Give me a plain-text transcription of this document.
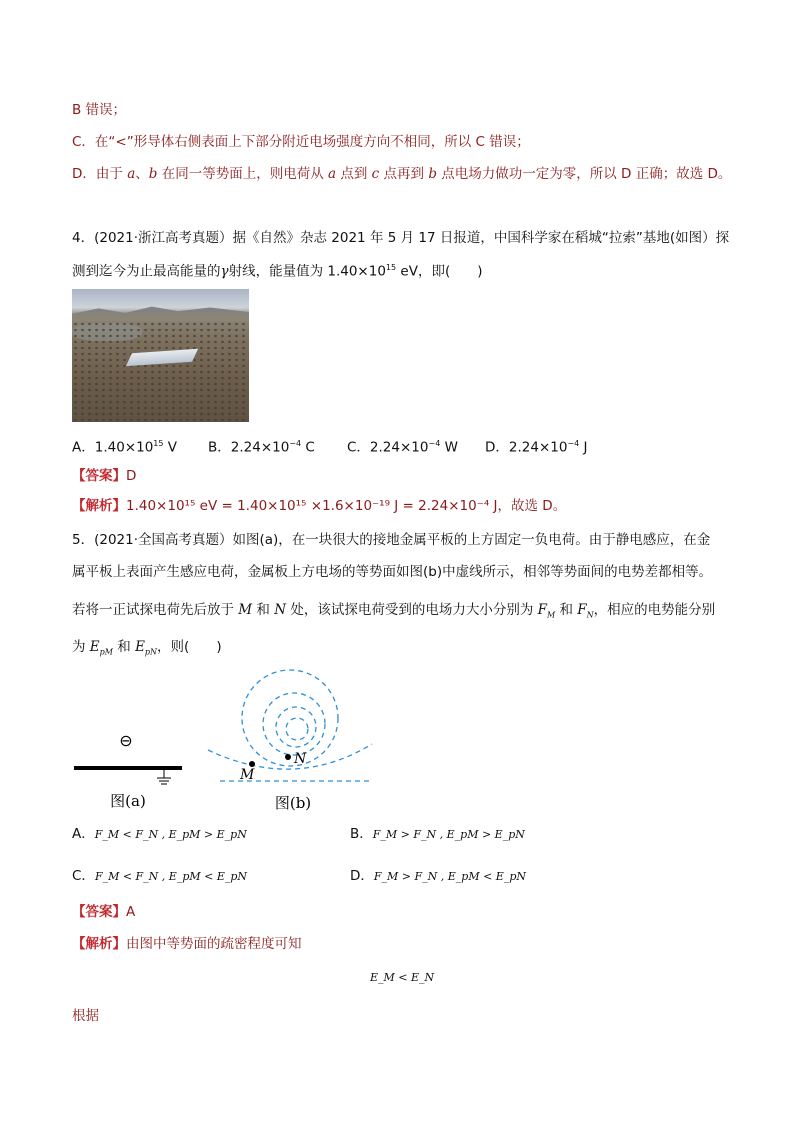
B 错误；
C．在“<”形导体右侧表面上下部分附近电场强度方向不相同，所以 C 错误；
D．由于 a、b 在同一等势面上，则电荷从 a 点到 c 点再到 b 点电场力做功一定为零，所以 D 正确；故选 D。
4．(2021·浙江高考真题）据《自然》杂志 2021 年 5 月 17 日报道，中国科学家在稻城“拉索”基地(如图）探
测到迄今为止最高能量的γ射线，能量值为 $1.40\times 10^{15}$ eV，即(　　)
A．$1.40\times 10^{15}$ V B．$2.24\times 10^{-4}$ C C．$2.24\times 10^{-4}$ W D．$2.24\times 10^{-4}$ J
【答案】D
【解析】1.40×10¹⁵ eV = 1.40×10¹⁵ ×1.6×10⁻¹⁹ J = 2.24×10⁻⁴ J，故选 D。
5．(2021·全国高考真题）如图(a)，在一块很大的接地金属平板的上方固定一负电荷。由于静电感应，在金
属平板上表面产生感应电荷，金属板上方电场的等势面如图(b)中虚线所示，相邻等势面间的电势差都相等。
若将一正试探电荷先后放于 M 和 N 处，该试探电荷受到的电场力大小分别为 $F_M$ 和 $F_N$，相应的电势能分别
为 $E_{pM}$ 和 $E_{pN}$，则(　　)
⊖
图(a)
M
N
图(b)
A．F_M < F_N , E_pM > E_pN	B．F_M > F_N , E_pM > E_pN
C．F_M < F_N , E_pM < E_pN	D．F_M > F_N , E_pM < E_pN
【答案】A
【解析】由图中等势面的疏密程度可知
E_M < E_N
根据
